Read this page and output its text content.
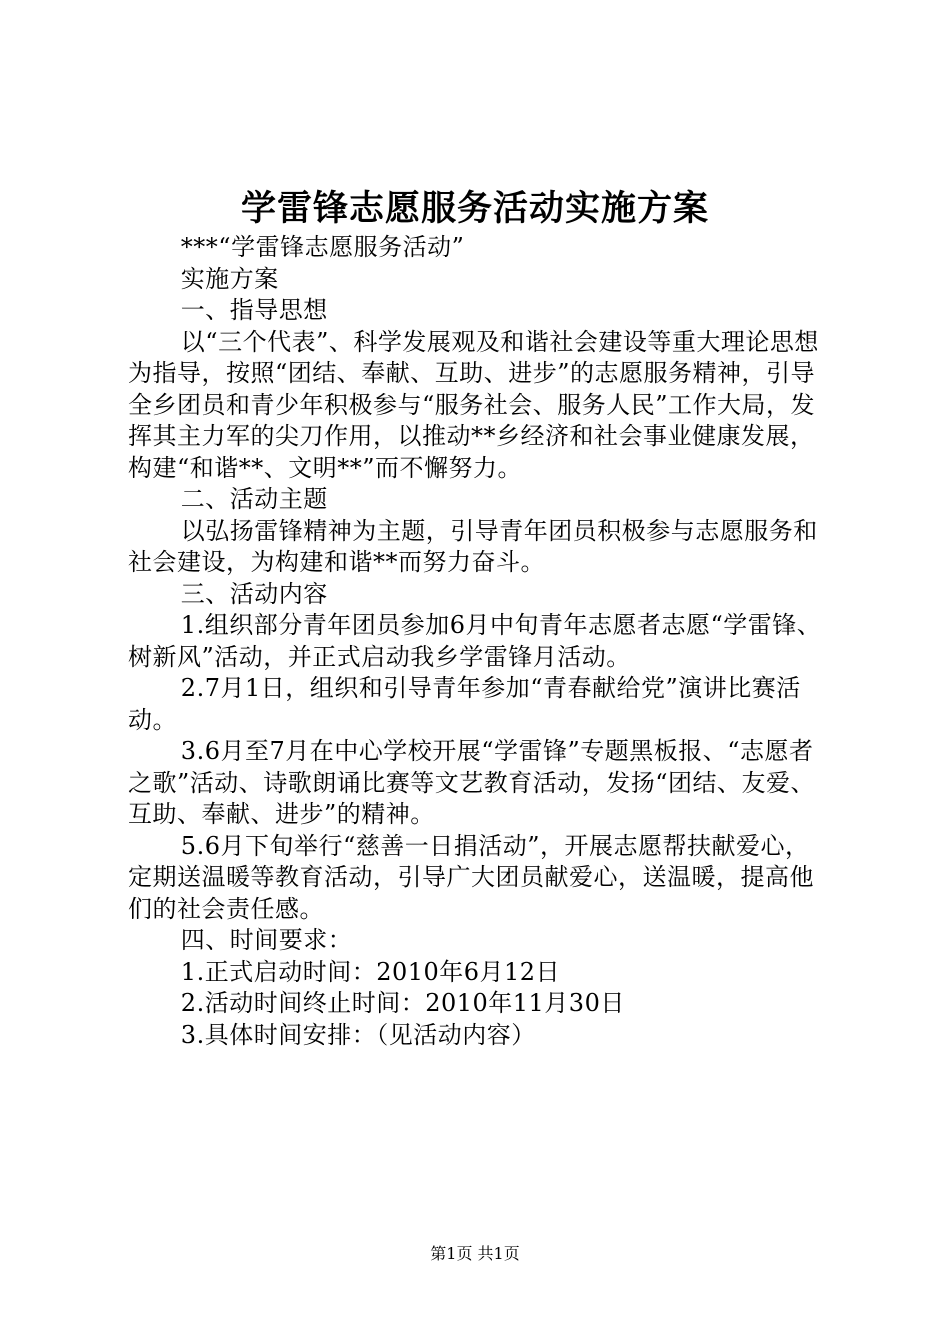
学雷锋志愿服务活动实施方案

***“学雷锋志愿服务活动”

实施方案

一、指导思想

以“三个代表”、科学发展观及和谐社会建设等重大理论思想为指导，按照“团结、奉献、互助、进步”的志愿服务精神，引导全乡团员和青少年积极参与“服务社会、服务人民”工作大局，发挥其主力军的尖刀作用，以推动**乡经济和社会事业健康发展，构建“和谐**、文明**”而不懈努力。

二、活动主题

以弘扬雷锋精神为主题，引导青年团员积极参与志愿服务和社会建设，为构建和谐**而努力奋斗。

三、活动内容

1.组织部分青年团员参加6月中旬青年志愿者志愿“学雷锋、树新风”活动，并正式启动我乡学雷锋月活动。

2.7月1日，组织和引导青年参加“青春献给党”演讲比赛活动。

3.6月至7月在中心学校开展“学雷锋”专题黑板报、“志愿者之歌”活动、诗歌朗诵比赛等文艺教育活动，发扬“团结、友爱、互助、奉献、进步”的精神。

5.6月下旬举行“慈善一日捐活动”，开展志愿帮扶献爱心，定期送温暖等教育活动，引导广大团员献爱心，送温暖，提高他们的社会责任感。

四、时间要求：

1.正式启动时间：2010年6月12日

2.活动时间终止时间：2010年11月30日

3.具体时间安排：（见活动内容）

第1页 共1页
